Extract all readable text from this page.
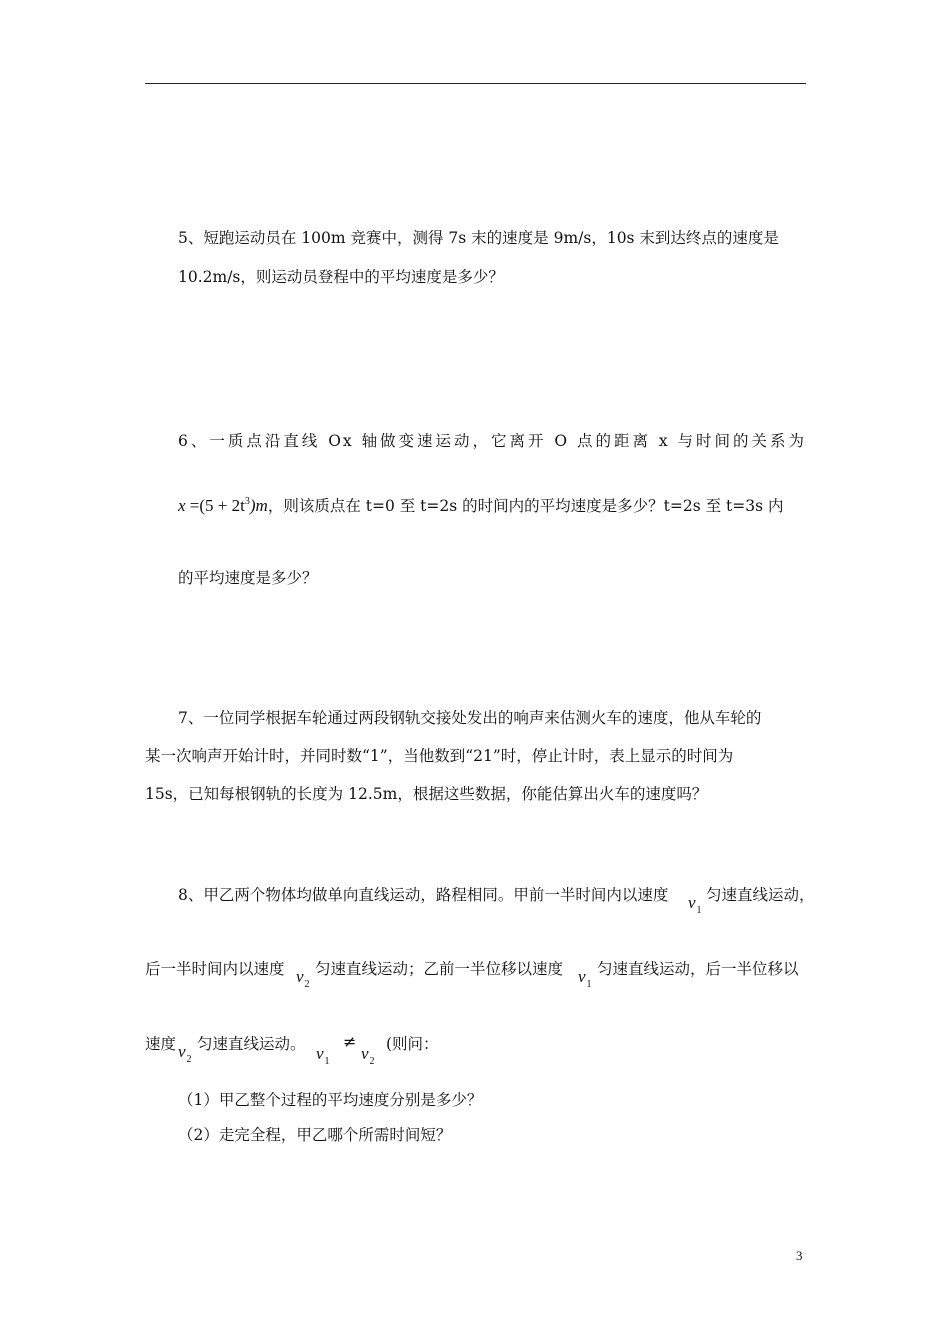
5、短跑运动员在 100m 竞赛中，测得 7s 末的速度是 9m/s，10s 末到达终点的速度是
10.2m/s，则运动员登程中的平均速度是多少？
6、一质点沿直线 Ox 轴做变速运动，它离开 O 点的距离 x 与时间的关系为
$x =(5 + 2t^3)m$，则该质点在 t=0 至 t=2s 的时间内的平均速度是多少？t=2s 至 t=3s 内
的平均速度是多少？
7、一位同学根据车轮通过两段钢轨交接处发出的响声来估测火车的速度，他从车轮的
某一次响声开始计时，并同时数“1”，当他数到“21”时，停止计时，表上显示的时间为
15s，已知每根钢轨的长度为 12.5m，根据这些数据，你能估算出火车的速度吗？
8、甲乙两个物体均做单向直线运动，路程相同。甲前一半时间内以速度 $v_1$
匀速直线运动，
后一半时间内以速度 $v_2$
匀速直线运动；乙前一半位移以速度 $v_1$
匀速直线运动，后一半位移以
速度 $v_2$
匀速直线运动。 $v_1$
≠
$v_2$
(则问：
（1）甲乙整个过程的平均速度分别是多少？
（2）走完全程，甲乙哪个所需时间短？
3
